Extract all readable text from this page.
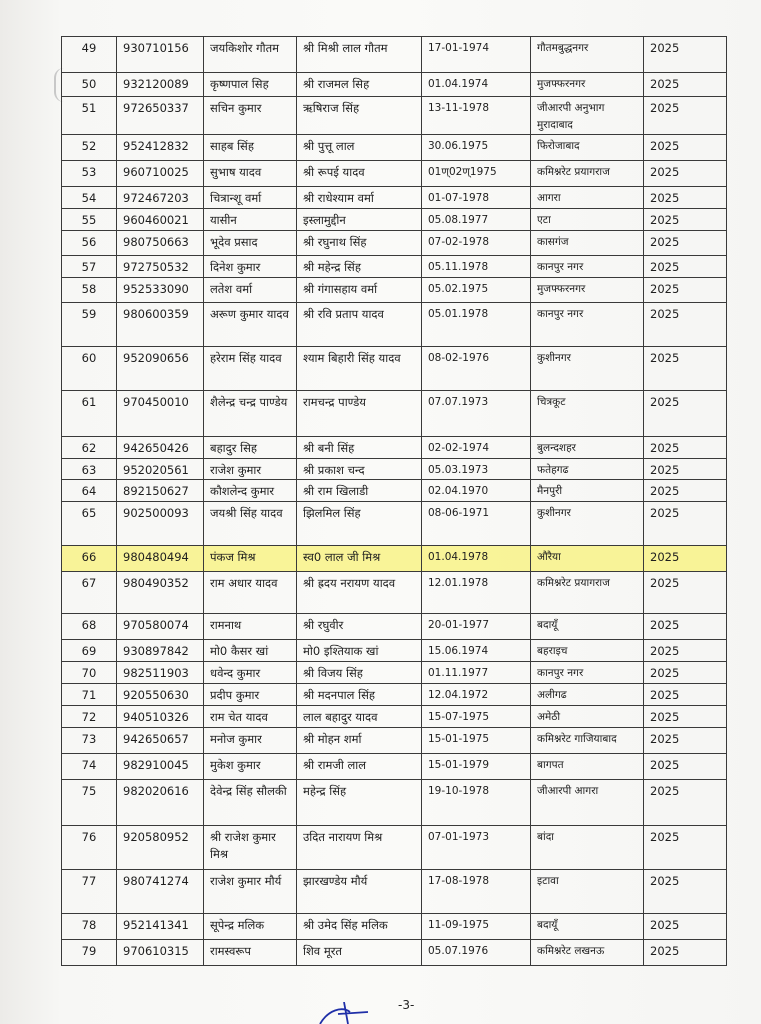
49	930710156	जयकिशोर गौतम	श्री मिश्री लाल गौतम	17-01-1974	गौतमबुद्धनगर	2025
50	932120089	कृष्णपाल सिह	श्री राजमल सिह	01.04.1974	मुजफ्फरनगर	2025
51	972650337	सचिन कुमार	ऋषिराज सिंह	13-11-1978	जीआरपी अनुभाग मुरादाबाद	2025
52	952412832	साहब सिंह	श्री पुत्तू लाल	30.06.1975	फिरोजाबाद	2025
53	960710025	सुभाष यादव	श्री रूपई यादव	01ण्02ण्1975	कमिश्नरेट प्रयागराज	2025
54	972467203	चित्रान्शू वर्मा	श्री राधेश्याम वर्मा	01-07-1978	आगरा	2025
55	960460021	यासीन	इस्लामुद्दीन	05.08.1977	एटा	2025
56	980750663	भूदेव प्रसाद	श्री रघुनाथ सिंह	07-02-1978	कासगंज	2025
57	972750532	दिनेश कुमार	श्री महेन्द्र सिंह	05.11.1978	कानपुर नगर	2025
58	952533090	लतेश वर्मा	श्री गंगासहाय वर्मा	05.02.1975	मुजफ्फरनगर	2025
59	980600359	अरूण कुमार यादव	श्री रवि प्रताप यादव	05.01.1978	कानपुर नगर	2025
60	952090656	हरेराम सिंह यादव	श्याम बिहारी सिंह यादव	08-02-1976	कुशीनगर	2025
61	970450010	शैलेन्द्र चन्द्र पाण्डेय	रामचन्द्र पाण्डेय	07.07.1973	चित्रकूट	2025
62	942650426	बहादुर सिह	श्री बनी सिंह	02-02-1974	बुलन्दशहर	2025
63	952020561	राजेश कुमार	श्री प्रकाश चन्द	05.03.1973	फतेहगढ	2025
64	892150627	कौशलेन्द कुमार	श्री राम खिलाडी	02.04.1970	मैनपुरी	2025
65	902500093	जयश्री सिंह यादव	झिलमिल सिंह	08-06-1971	कुशीनगर	2025
66	980480494	पंकज मिश्र	स्व0 लाल जी मिश्र	01.04.1978	औरैया	2025
67	980490352	राम अधार यादव	श्री ह्रदय नरायण यादव	12.01.1978	कमिश्नरेट प्रयागराज	2025
68	970580074	रामनाथ	श्री रघुवीर	20-01-1977	बदायूँ	2025
69	930897842	मो0 कैसर खां	मो0 इश्तियाक खां	15.06.1974	बहराइच	2025
70	982511903	धवेन्द कुमार	श्री विजय सिंह	01.11.1977	कानपुर नगर	2025
71	920550630	प्रदीप कुमार	श्री मदनपाल सिंह	12.04.1972	अलीगढ	2025
72	940510326	राम चेत यादव	लाल बहादुर यादव	15-07-1975	अमेठी	2025
73	942650657	मनोज कुमार	श्री मोहन शर्मा	15-01-1975	कमिश्नरेट गाजियाबाद	2025
74	982910045	मुकेश कुमार	श्री रामजी लाल	15-01-1979	बागपत	2025
75	982020616	देवेन्द्र सिंह सौलकी	महेन्द्र सिंह	19-10-1978	जीआरपी आगरा	2025
76	920580952	श्री राजेश कुमार मिश्र	उदित नारायण मिश्र	07-01-1973	बांदा	2025
77	980741274	राजेश कुमार मौर्य	झारखण्डेय मौर्य	17-08-1978	इटावा	2025
78	952141341	सूपेन्द्र मलिक	श्री उमेद सिंह मलिक	11-09-1975	बदायूँ	2025
79	970610315	रामस्वरूप	शिव मूरत	05.07.1976	कमिश्नरेट लखनऊ	2025
-3-
